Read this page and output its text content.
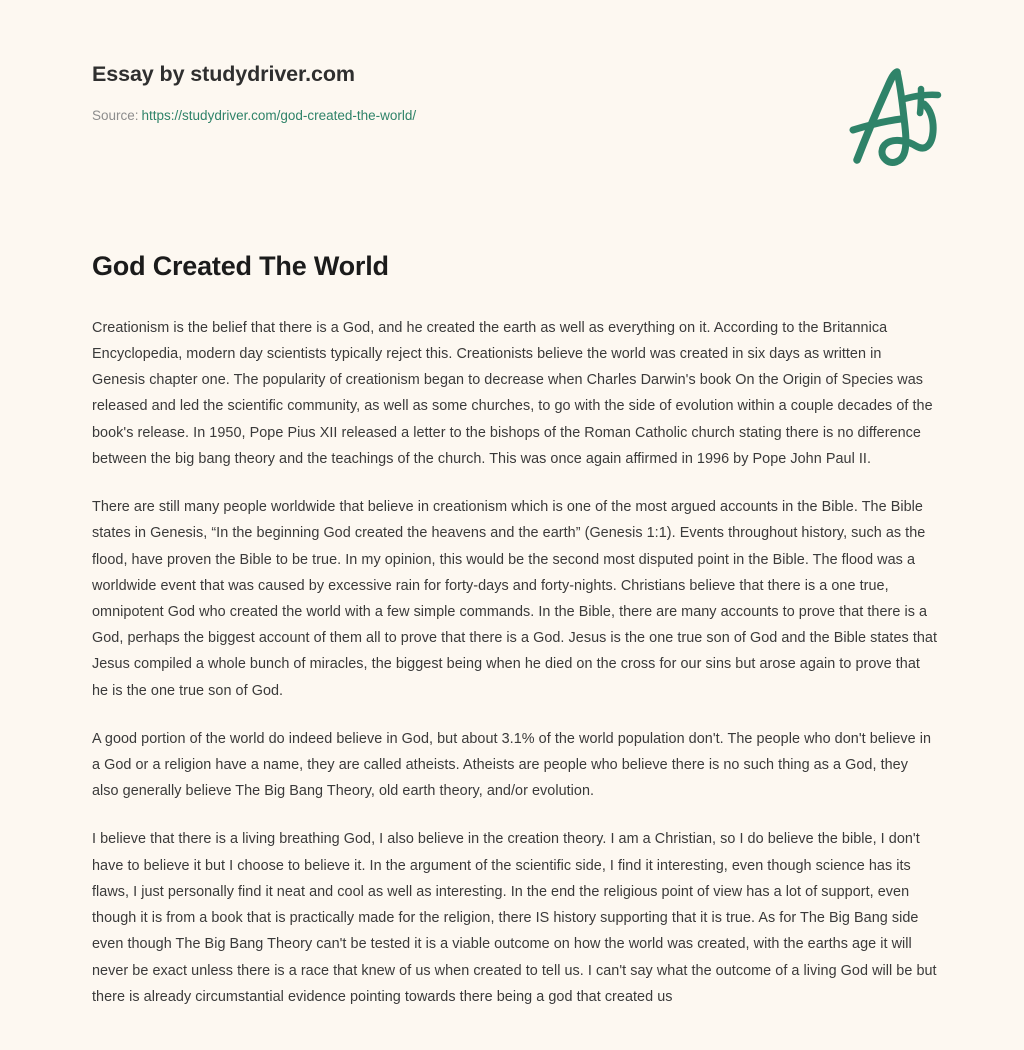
Essay by studydriver.com
Source: https://studydriver.com/god-created-the-world/
God Created The World

Creationism is the belief that there is a God, and he created the earth as well as everything on it. According to the Britannica Encyclopedia, modern day scientists typically reject this. Creationists believe the world was created in six days as written in Genesis chapter one. The popularity of creationism began to decrease when Charles Darwin's book On the Origin of Species was released and led the scientific community, as well as some churches, to go with the side of evolution within a couple decades of the book's release. In 1950, Pope Pius XII released a letter to the bishops of the Roman Catholic church stating there is no difference between the big bang theory and the teachings of the church. This was once again affirmed in 1996 by Pope John Paul II.

There are still many people worldwide that believe in creationism which is one of the most argued accounts in the Bible. The Bible states in Genesis, “In the beginning God created the heavens and the earth” (Genesis 1:1). Events throughout history, such as the flood, have proven the Bible to be true. In my opinion, this would be the second most disputed point in the Bible. The flood was a worldwide event that was caused by excessive rain for forty-days and forty-nights. Christians believe that there is a one true, omnipotent God who created the world with a few simple commands. In the Bible, there are many accounts to prove that there is a God, perhaps the biggest account of them all to prove that there is a God. Jesus is the one true son of God and the Bible states that Jesus compiled a whole bunch of miracles, the biggest being when he died on the cross for our sins but arose again to prove that he is the one true son of God.

A good portion of the world do indeed believe in God, but about 3.1% of the world population don't. The people who don't believe in a God or a religion have a name, they are called atheists. Atheists are people who believe there is no such thing as a God, they also generally believe The Big Bang Theory, old earth theory, and/or evolution.

I believe that there is a living breathing God, I also believe in the creation theory. I am a Christian, so I do believe the bible, I don't have to believe it but I choose to believe it. In the argument of the scientific side, I find it interesting, even though science has its flaws, I just personally find it neat and cool as well as interesting. In the end the religious point of view has a lot of support, even though it is from a book that is practically made for the religion, there IS history supporting that it is true. As for The Big Bang side even though The Big Bang Theory can't be tested it is a viable outcome on how the world was created, with the earths age it will never be exact unless there is a race that knew of us when created to tell us. I can't say what the outcome of a living God will be but there is already circumstantial evidence pointing towards there being a god that created us
